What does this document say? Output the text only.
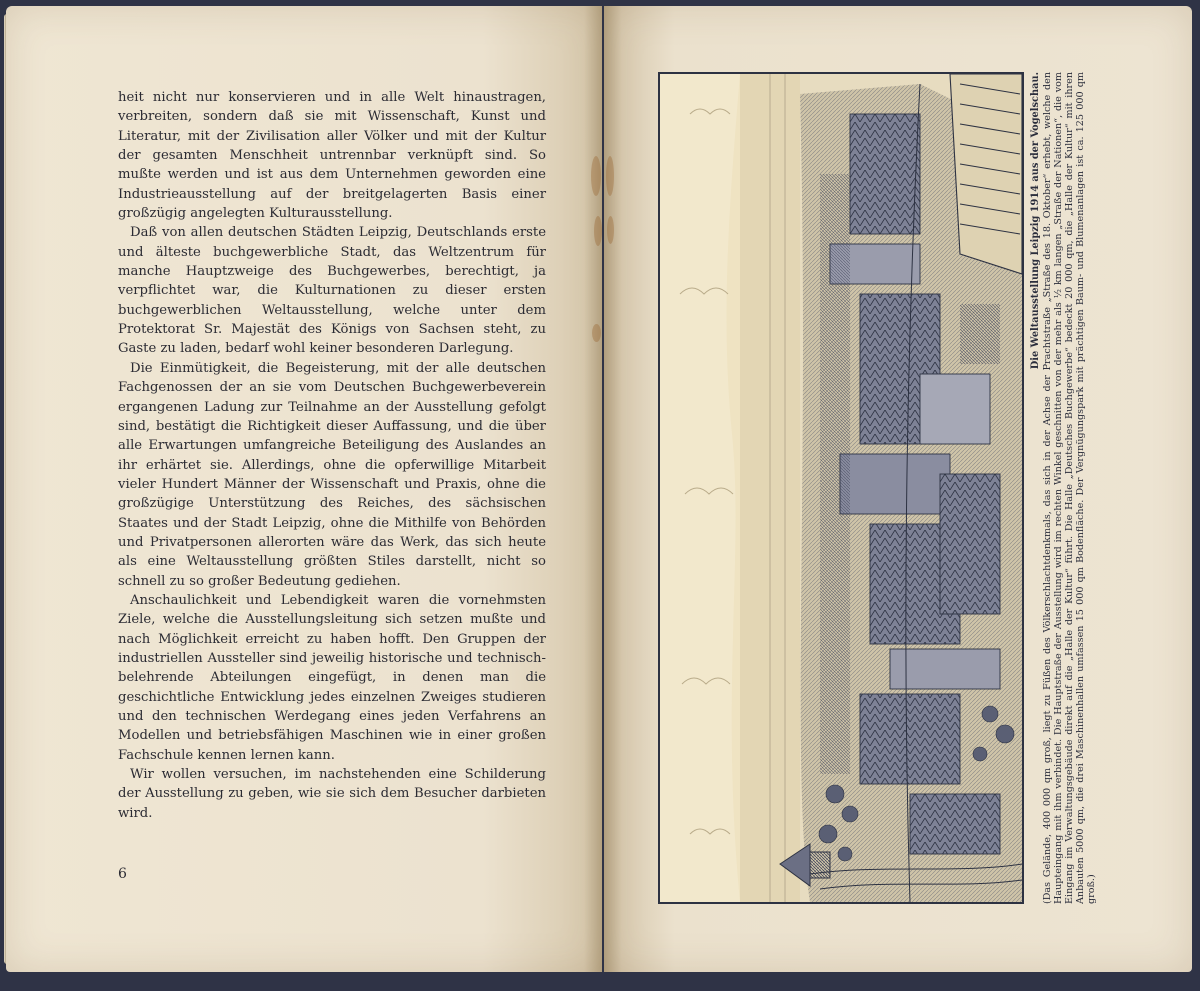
heit nicht nur konservieren und in alle Welt hinaustragen, verbreiten, sondern daß sie mit Wissenschaft, Kunst und Literatur, mit der Zivilisation aller Völker und mit der Kultur der gesamten Menschheit untrennbar verknüpft sind. So mußte werden und ist aus dem Unternehmen geworden eine Industrieausstellung auf der breitgelagerten Basis einer großzügig angelegten Kulturausstellung.

Daß von allen deutschen Städten Leipzig, Deutschlands erste und älteste buchgewerbliche Stadt, das Weltzentrum für manche Hauptzweige des Buchgewerbes, berechtigt, ja verpflichtet war, die Kulturnationen zu dieser ersten buchgewerblichen Weltausstellung, welche unter dem Protektorat Sr. Majestät des Königs von Sachsen steht, zu Gaste zu laden, bedarf wohl keiner besonderen Darlegung.

Die Einmütigkeit, die Begeisterung, mit der alle deutschen Fachgenossen der an sie vom Deutschen Buchgewerbeverein ergangenen Ladung zur Teilnahme an der Ausstellung gefolgt sind, bestätigt die Richtigkeit dieser Auffassung, und die über alle Erwartungen umfangreiche Beteiligung des Auslandes an ihr erhärtet sie. Allerdings, ohne die opferwillige Mitarbeit vieler Hundert Männer der Wissenschaft und Praxis, ohne die großzügige Unterstützung des Reiches, des sächsischen Staates und der Stadt Leipzig, ohne die Mithilfe von Behörden und Privatpersonen allerorten wäre das Werk, das sich heute als eine Weltausstellung größten Stiles darstellt, nicht so schnell zu so großer Bedeutung gediehen.

Anschaulichkeit und Lebendigkeit waren die vornehmsten Ziele, welche die Ausstellungsleitung sich setzen mußte und nach Möglichkeit erreicht zu haben hofft. Den Gruppen der industriellen Aussteller sind jeweilig historische und technisch-belehrende Abteilungen eingefügt, in denen man die geschichtliche Entwicklung jedes einzelnen Zweiges studieren und den technischen Werdegang eines jeden Verfahrens an Modellen und betriebsfähigen Maschinen wie in einer großen Fachschule kennen lernen kann.

Wir wollen versuchen, im nachstehenden eine Schilderung der Ausstellung zu geben, wie sie sich dem Besucher darbieten wird.

6
Die Weltausstellung Leipzig 1914 aus der Vogelschau. (Das Gelände, 400 000 qm groß, liegt zu Füßen des Völkerschlachtdenkmals, das sich in der Achse der Prachtstraße „Straße des 18. Oktober“ erhebt, welche den Haupteingang mit ihm verbindet. Die Hauptstraße der Ausstellung wird im rechten Winkel geschnitten von der mehr als ½ km langen „Straße der Nationen“, die vom Eingang im Verwaltungsgebäude direkt auf die „Halle der Kultur“ führt. Die Halle „Deutsches Buchgewerbe“ bedeckt 20 000 qm, die „Halle der Kultur“ mit ihren Anbauten 5000 qm, die drei Maschinenhallen umfassen 15 000 qm Bodenfläche. Der Vergnügungspark mit prächtigen Baum- und Blumenanlagen ist ca. 125 000 qm groß.)
